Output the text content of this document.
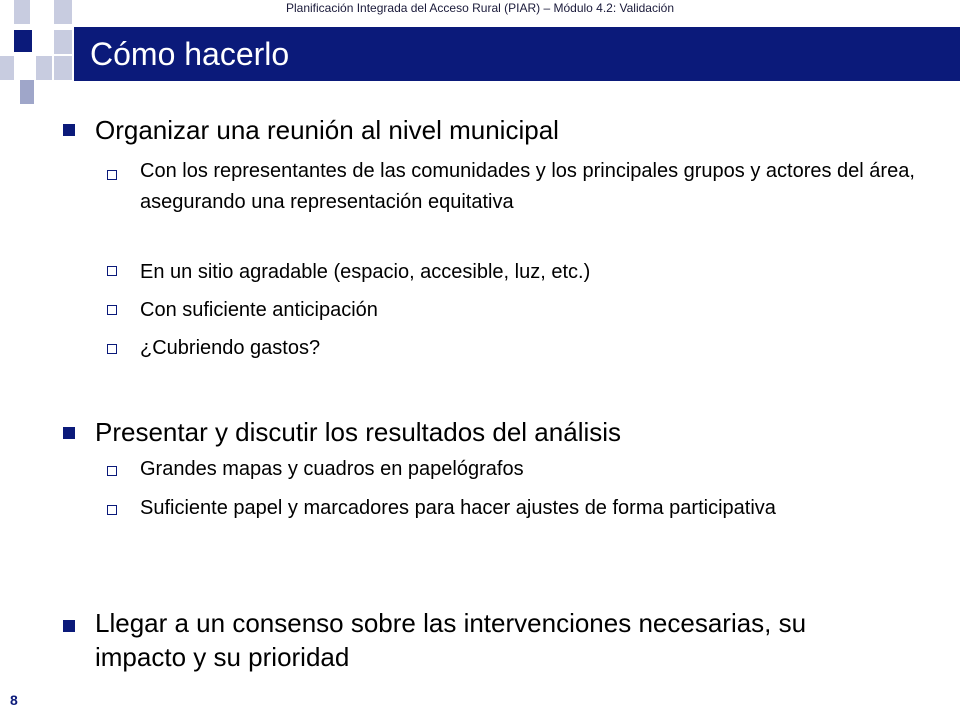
Planificación Integrada del Acceso Rural (PIAR) – Módulo 4.2: Validación
Cómo hacerlo
Organizar una reunión al nivel municipal
Con los representantes de las comunidades y los principales grupos y actores del área, asegurando una representación equitativa
En un sitio agradable (espacio, accesible, luz, etc.)
Con suficiente anticipación
¿Cubriendo gastos?
Presentar y discutir los resultados del análisis
Grandes mapas y cuadros en papelógrafos
Suficiente papel y marcadores para hacer ajustes de forma participativa
Llegar a un consenso sobre las intervenciones necesarias, su impacto y su prioridad
8
